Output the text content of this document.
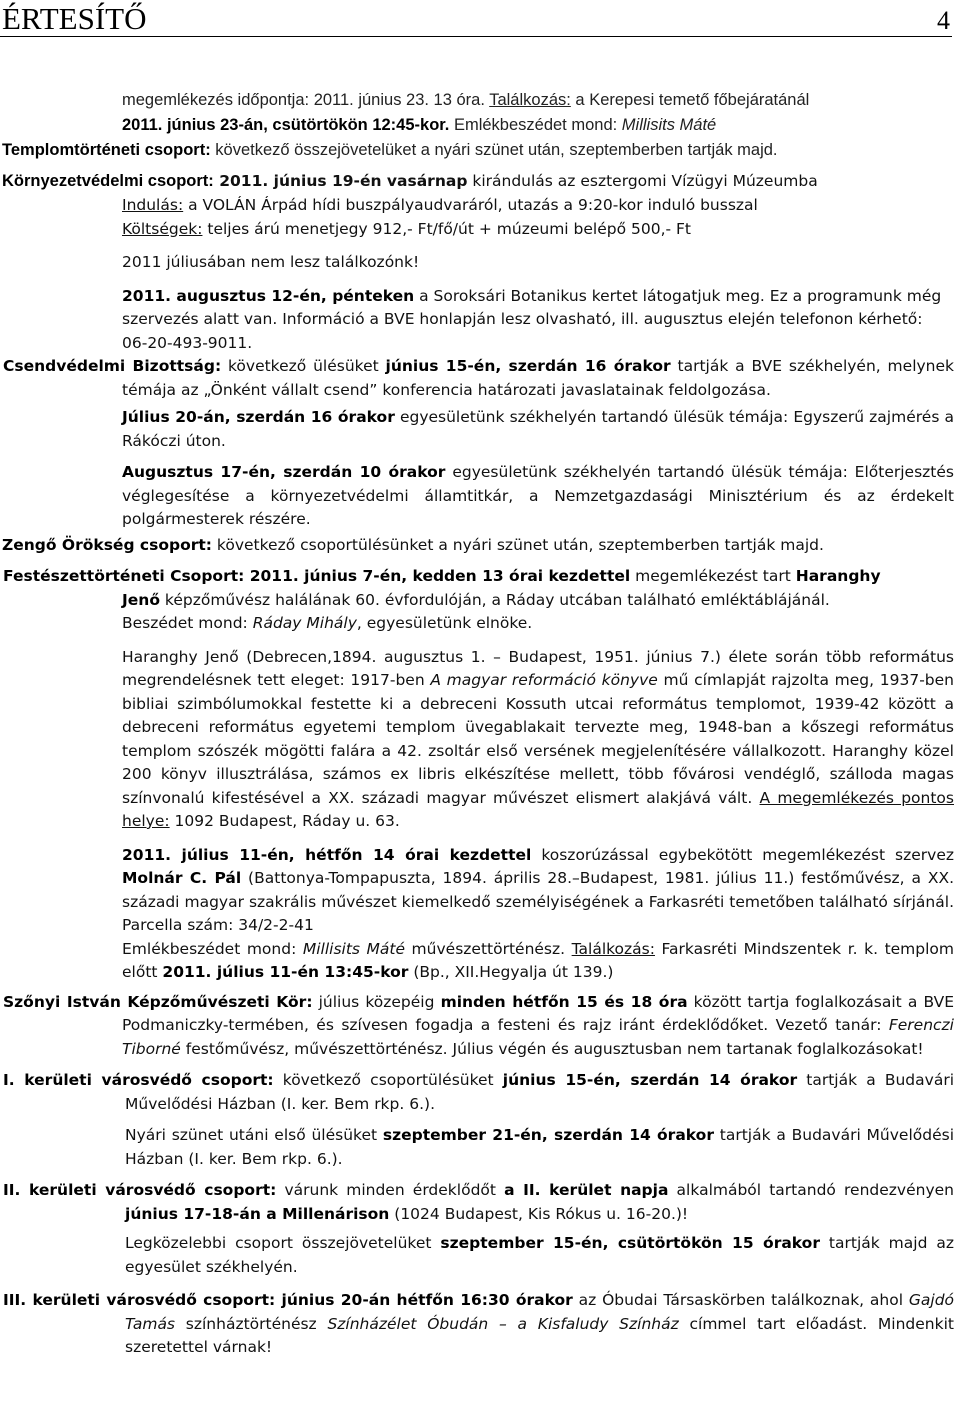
ÉRTESÍTŐ	4
megemlékezés időpontja: 2011. június 23. 13 óra. Találkozás: a Kerepesi temető főbejáratánál
2011. június 23-án, csütörtökön 12:45-kor. Emlékbeszédet mond: Millisits Máté
Templomtörténeti csoport: következő összejövetelüket a nyári szünet után, szeptemberben tartják majd.
Környezetvédelmi csoport: 2011. június 19-én vasárnap kirándulás az esztergomi Vízügyi Múzeumba
Indulás: a VOLÁN Árpád hídi buszpályaudvaráról, utazás a 9:20-kor induló busszal
Költségek: teljes árú menetjegy 912,- Ft/fő/út + múzeumi belépő 500,- Ft
2011 júliusában nem lesz találkozónk!
2011. augusztus 12-én, pénteken a Soroksári Botanikus kertet látogatjuk meg. Ez a programunk még szervezés alatt van. Információ a BVE honlapján lesz olvasható, ill. augusztus elején telefonon kérhető: 06-20-493-9011.
Csendvédelmi Bizottság: következő ülésüket június 15-én, szerdán 16 órakor tartják a BVE székhelyén, melynek témája az „Önként vállalt csend” konferencia határozati javaslatainak feldolgozása.
Július 20-án, szerdán 16 órakor egyesületünk székhelyén tartandó ülésük témája: Egyszerű zajmérés a Rákóczi úton.
Augusztus 17-én, szerdán 10 órakor egyesületünk székhelyén tartandó ülésük témája: Előterjesztés véglegesítése a környezetvédelmi államtitkár, a Nemzetgazdasági Minisztérium és az érdekelt polgármesterek részére.
Zengő Örökség csoport: következő csoportülésünket a nyári szünet után, szeptemberben tartják majd.
Festészettörténeti Csoport: 2011. június 7-én, kedden 13 órai kezdettel megemlékezést tart Haranghy Jenő képzőművész halálának 60. évfordulóján, a Ráday utcában található emléktáblájánál. Beszédet mond: Ráday Mihály, egyesületünk elnöke.
Haranghy Jenő (Debrecen,1894. augusztus 1. – Budapest, 1951. június 7.) élete során több református megrendelésnek tett eleget: 1917-ben A magyar reformáció könyve mű címlapját rajzolta meg, 1937-ben bibliai szimbólumokkal festette ki a debreceni Kossuth utcai református templomot, 1939-42 között a debreceni református egyetemi templom üvegablakait tervezte meg, 1948-ban a kőszegi református templom szószék mögötti falára a 42. zsoltár első versének megjelenítésére vállalkozott. Haranghy közel 200 könyv illusztrálása, számos ex libris elkészítése mellett, több fővárosi vendéglő, szálloda magas színvonalú kifestésével a XX. századi magyar művészet elismert alakjává vált. A megemlékezés pontos helye: 1092 Budapest, Ráday u. 63.
2011. július 11-én, hétfőn 14 órai kezdettel koszorúzással egybekötött megemlékezést szervez Molnár C. Pál (Battonya-Tompapuszta, 1894. április 28.–Budapest, 1981. július 11.) festőművész, a XX. századi magyar szakrális művészet kiemelkedő személyiségének a Farkasréti temetőben található sírjánál. Parcella szám: 34/2-2-41
Emlékbeszédet mond: Millisits Máté művészettörténész. Találkozás: Farkasréti Mindszentek r. k. templom előtt 2011. július 11-én 13:45-kor (Bp., XII.Hegyalja út 139.)
Szőnyi István Képzőművészeti Kör: július közepéig minden hétfőn 15 és 18 óra között tartja foglalkozásait a BVE Podmaniczky-termében, és szívesen fogadja a festeni és rajz iránt érdeklődőket. Vezető tanár: Ferenczi Tiborné festőművész, művészettörténész. Július végén és augusztusban nem tartanak foglalkozásokat!
I. kerületi városvédő csoport: következő csoportülésüket június 15-én, szerdán 14 órakor tartják a Budavári Művelődési Házban (I. ker. Bem rkp. 6.).
Nyári szünet utáni első ülésüket szeptember 21-én, szerdán 14 órakor tartják a Budavári Művelődési Házban (I. ker. Bem rkp. 6.).
II. kerületi városvédő csoport: várunk minden érdeklődőt a II. kerület napja alkalmából tartandó rendezvényen június 17-18-án a Millenárison (1024 Budapest, Kis Rókus u. 16-20.)!
Legközelebbi csoport összejövetelüket szeptember 15-én, csütörtökön 15 órakor tartják majd az egyesület székhelyén.
III. kerületi városvédő csoport: június 20-án hétfőn 16:30 órakor az Óbudai Társaskörben találkoznak, ahol Gajdó Tamás színháztörténész Színházélet Óbudán – a Kisfaludy Színház címmel tart előadást. Mindenkit szeretettel várnak!
